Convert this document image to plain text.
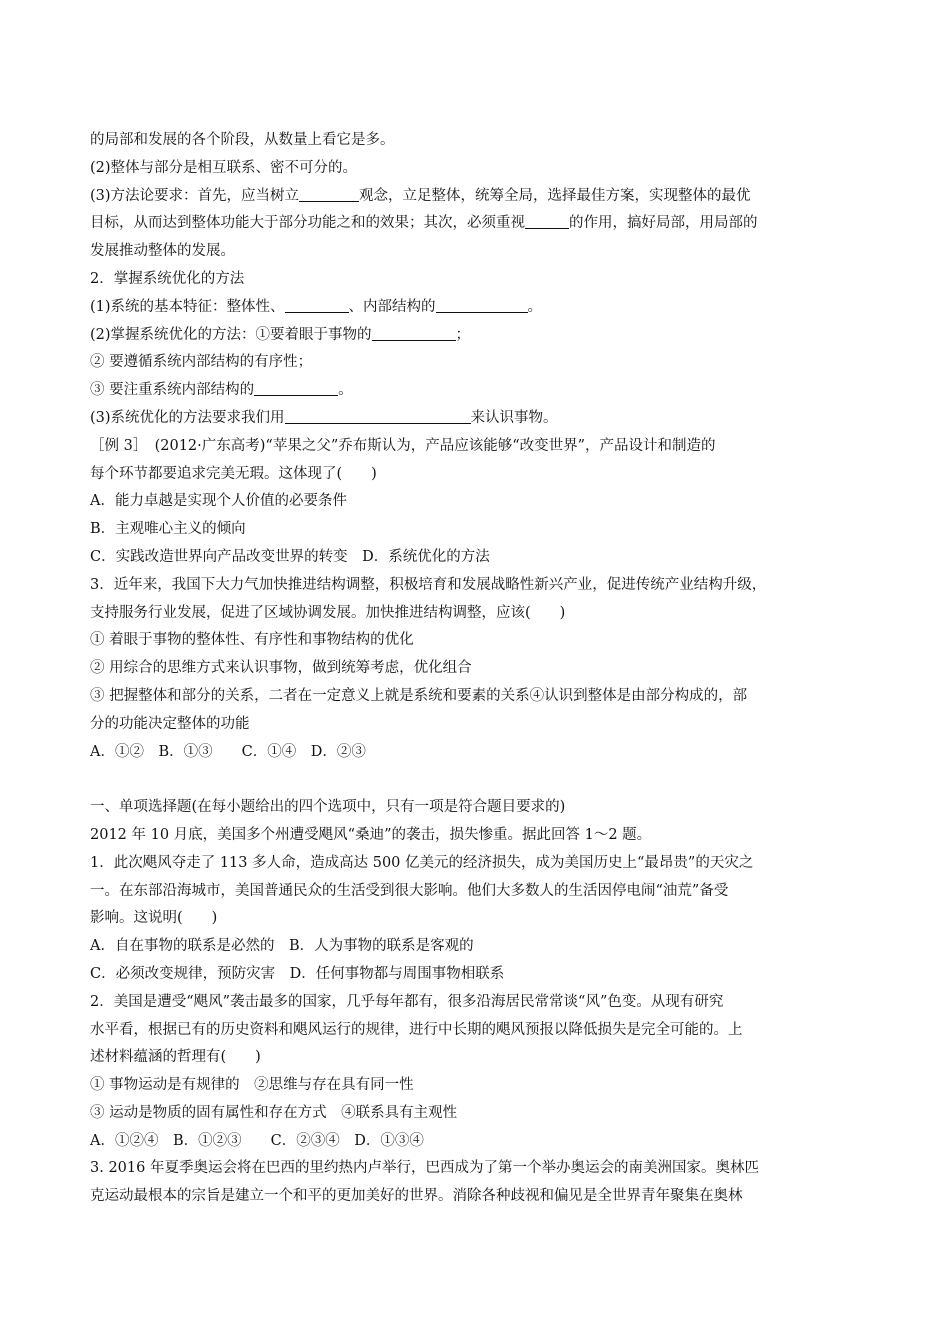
的局部和发展的各个阶段，从数量上看它是多。
(2)整体与部分是相互联系、密不可分的。
(3)方法论要求：首先，应当树立	观念，立足整体，统筹全局，选择最佳方案，实现整体的最优
目标，从而达到整体功能大于部分功能之和的效果；其次，必须重视	的作用，搞好局部，用局部的
发展推动整体的发展。
2．掌握系统优化的方法
(1)系统的基本特征：整体性、	、内部结构的	。
(2)掌握系统优化的方法：①要着眼于事物的	；
② 要遵循系统内部结构的有序性；
③ 要注重系统内部结构的	。
(3)系统优化的方法要求我们用	来认识事物。
［例 3］　(2012·广东高考)“苹果之父”乔布斯认为，产品应该能够“改变世界”，产品设计和制造的
每个环节都要追求完美无瑕。这体现了(　　)
A．能力卓越是实现个人价值的必要条件
B．主观唯心主义的倾向
C．实践改造世界向产品改变世界的转变　D．系统优化的方法
3．近年来，我国下大力气加快推进结构调整，积极培育和发展战略性新兴产业，促进传统产业结构升级，
支持服务行业发展，促进了区域协调发展。加快推进结构调整，应该(　　)
① 着眼于事物的整体性、有序性和事物结构的优化
② 用综合的思维方式来认识事物，做到统筹考虑，优化组合
③ 把握整体和部分的关系，二者在一定意义上就是系统和要素的关系④认识到整体是由部分构成的，部
分的功能决定整体的功能
A．①②　B．①③　　C．①④　D．②③
一、单项选择题(在每小题给出的四个选项中，只有一项是符合题目要求的)
2012 年 10 月底，美国多个州遭受飓风“桑迪”的袭击，损失惨重。据此回答 1～2 题。
1．此次飓风夺走了 113 多人命，造成高达 500 亿美元的经济损失，成为美国历史上“最昂贵”的天灾之
一。在东部沿海城市，美国普通民众的生活受到很大影响。他们大多数人的生活因停电闹“油荒”备受
影响。这说明(　　)
A．自在事物的联系是必然的　B．人为事物的联系是客观的
C．必须改变规律，预防灾害　D．任何事物都与周围事物相联系
2．美国是遭受“飓风”袭击最多的国家，几乎每年都有，很多沿海居民常常谈“风”色变。从现有研究
水平看，根据已有的历史资料和飓风运行的规律，进行中长期的飓风预报以降低损失是完全可能的。上
述材料蕴涵的哲理有(　　)
① 事物运动是有规律的　②思维与存在具有同一性
③ 运动是物质的固有属性和存在方式　④联系具有主观性
A．①②④　B．①②③　　C．②③④　D．①③④
3. 2016 年夏季奥运会将在巴西的里约热内卢举行，巴西成为了第一个举办奥运会的南美洲国家。奥林匹
克运动最根本的宗旨是建立一个和平的更加美好的世界。消除各种歧视和偏见是全世界青年聚集在奥林
